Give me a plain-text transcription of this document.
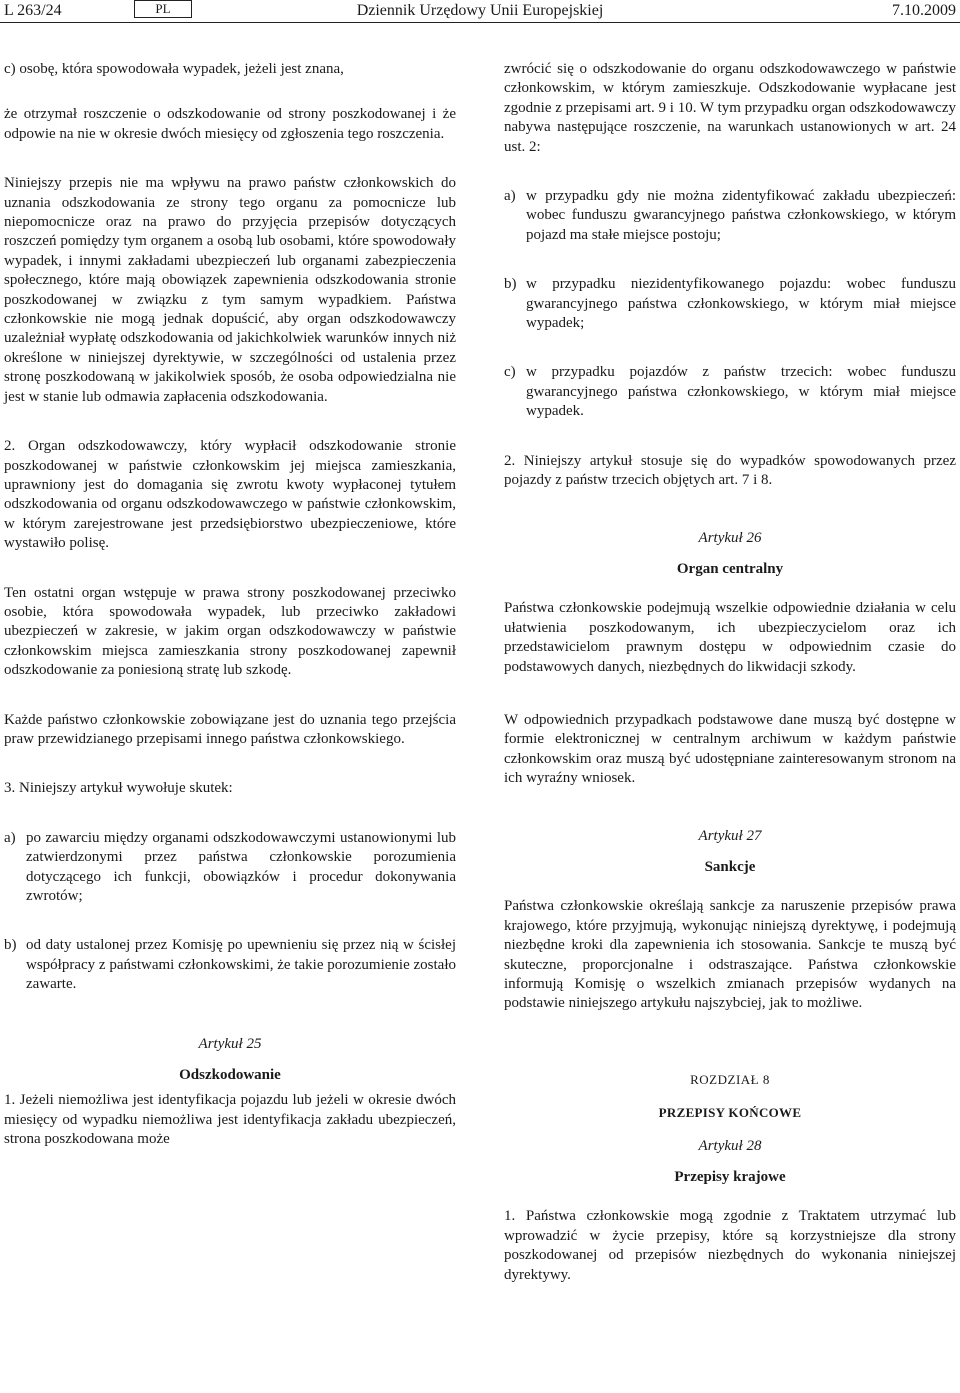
L 263/24	PL	Dziennik Urzędowy Unii Europejskiej	7.10.2009

c) osobę, która spowodowała wypadek, jeżeli jest znana,

że otrzymał roszczenie o odszkodowanie od strony poszkodowanej i że odpowie na nie w okresie dwóch miesięcy od zgłoszenia tego roszczenia.

Niniejszy przepis nie ma wpływu na prawo państw członkowskich do uznania odszkodowania ze strony tego organu za pomocnicze lub niepomocnicze oraz na prawo do przyjęcia przepisów dotyczących roszczeń pomiędzy tym organem a osobą lub osobami, które spowodowały wypadek, i innymi zakładami ubezpieczeń lub organami zabezpieczenia społecznego, które mają obowiązek zapewnienia odszkodowania stronie poszkodowanej w związku z tym samym wypadkiem. Państwa członkowskie nie mogą jednak dopuścić, aby organ odszkodowawczy uzależniał wypłatę odszkodowania od jakichkolwiek warunków innych niż określone w niniejszej dyrektywie, w szczególności od ustalenia przez stronę poszkodowaną w jakikolwiek sposób, że osoba odpowiedzialna nie jest w stanie lub odmawia zapłacenia odszkodowania.

2. Organ odszkodowawczy, który wypłacił odszkodowanie stronie poszkodowanej w państwie członkowskim jej miejsca zamieszkania, uprawniony jest do domagania się zwrotu kwoty wypłaconej tytułem odszkodowania od organu odszkodowawczego w państwie członkowskim, w którym zarejestrowane jest przedsiębiorstwo ubezpieczeniowe, które wystawiło polisę.

Ten ostatni organ wstępuje w prawa strony poszkodowanej przeciwko osobie, która spowodowała wypadek, lub przeciwko zakładowi ubezpieczeń w zakresie, w jakim organ odszkodowawczy w państwie członkowskim miejsca zamieszkania strony poszkodowanej zapewnił odszkodowanie za poniesioną stratę lub szkodę.

Każde państwo członkowskie zobowiązane jest do uznania tego przejścia praw przewidzianego przepisami innego państwa członkowskiego.

3. Niniejszy artykuł wywołuje skutek:

a) po zawarciu między organami odszkodowawczymi ustanowionymi lub zatwierdzonymi przez państwa członkowskie porozumienia dotyczącego ich funkcji, obowiązków i procedur dokonywania zwrotów;
b) od daty ustalonej przez Komisję po upewnieniu się przez nią w ścisłej współpracy z państwami członkowskimi, że takie porozumienie zostało zawarte.
Artykuł 25
Odszkodowanie

1. Jeżeli niemożliwa jest identyfikacja pojazdu lub jeżeli w okresie dwóch miesięcy od wypadku niemożliwa jest identyfikacja zakładu ubezpieczeń, strona poszkodowana może

zwrócić się o odszkodowanie do organu odszkodowawczego w państwie członkowskim, w którym zamieszkuje. Odszkodowanie wypłacane jest zgodnie z przepisami art. 9 i 10. W tym przypadku organ odszkodowawczy nabywa następujące roszczenie, na warunkach ustanowionych w art. 24 ust. 2:

a) w przypadku gdy nie można zidentyfikować zakładu ubezpieczeń: wobec funduszu gwarancyjnego państwa członkowskiego, w którym pojazd ma stałe miejsce postoju;
b) w przypadku niezidentyfikowanego pojazdu: wobec funduszu gwarancyjnego państwa członkowskiego, w którym miał miejsce wypadek;
c) w przypadku pojazdów z państw trzecich: wobec funduszu gwarancyjnego państwa członkowskiego, w którym miał miejsce wypadek.

2. Niniejszy artykuł stosuje się do wypadków spowodowanych przez pojazdy z państw trzecich objętych art. 7 i 8.

Artykuł 26
Organ centralny

Państwa członkowskie podejmują wszelkie odpowiednie działania w celu ułatwienia poszkodowanym, ich ubezpieczycielom oraz ich przedstawicielom prawnym dostępu w odpowiednim czasie do podstawowych danych, niezbędnych do likwidacji szkody.

W odpowiednich przypadkach podstawowe dane muszą być dostępne w formie elektronicznej w centralnym archiwum w każdym państwie członkowskim oraz muszą być udostępniane zainteresowanym stronom na ich wyraźny wniosek.

Artykuł 27
Sankcje

Państwa członkowskie określają sankcje za naruszenie przepisów prawa krajowego, które przyjmują, wykonując niniejszą dyrektywę, i podejmują niezbędne kroki dla zapewnienia ich stosowania. Sankcje te muszą być skuteczne, proporcjonalne i odstraszające. Państwa członkowskie informują Komisję o wszelkich zmianach przepisów wydanych na podstawie niniejszego artykułu najszybciej, jak to możliwe.

ROZDZIAŁ 8
PRZEPISY KOŃCOWE
Artykuł 28
Przepisy krajowe

1. Państwa członkowskie mogą zgodnie z Traktatem utrzymać lub wprowadzić w życie przepisy, które są korzystniejsze dla strony poszkodowanej od przepisów niezbędnych do wykonania niniejszej dyrektywy.
